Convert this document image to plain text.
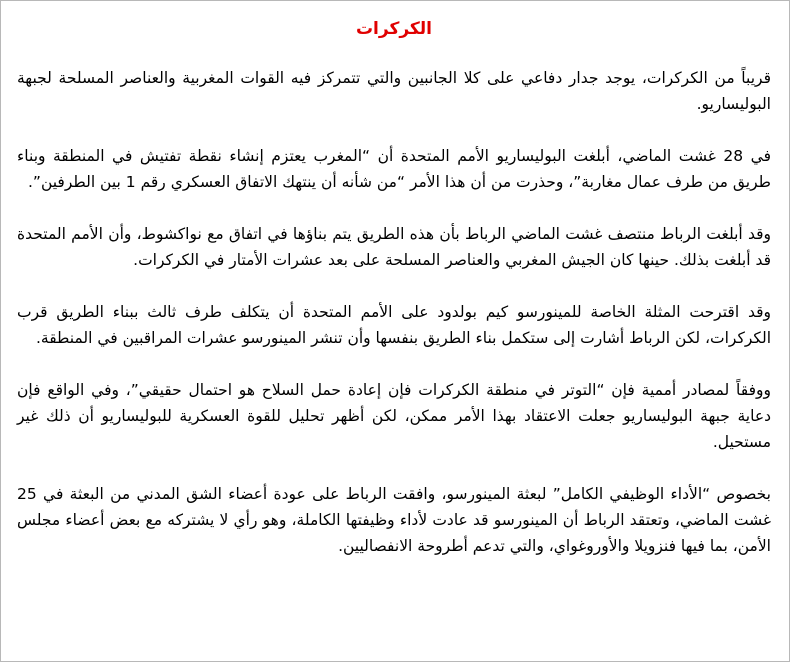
الكركرات

قريباً من الكركرات، يوجد جدار دفاعي على كلا الجانبين والتي تتمركز فيه القوات المغربية والعناصر المسلحة لجبهة البوليساريو.

في 28 غشت الماضي، أبلغت البوليساريو الأمم المتحدة أن “المغرب يعتزم إنشاء نقطة تفتيش في المنطقة وبناء طريق من طرف عمال مغاربة”، وحذرت من أن هذا الأمر “من شأنه أن ينتهك الاتفاق العسكري رقم 1 بين الطرفين”.

وقد أبلغت الرباط منتصف غشت الماضي الرباط بأن هذه الطريق يتم بناؤها في اتفاق مع نواكشوط، وأن الأمم المتحدة قد أبلغت بذلك. حينها كان الجيش المغربي والعناصر المسلحة على بعد عشرات الأمتار في الكركرات.

وقد اقترحت المثلة الخاصة للمينورسو كيم بولدود على الأمم المتحدة أن يتكلف طرف ثالث ببناء الطريق قرب الكركرات، لكن الرباط أشارت إلى ستكمل بناء الطريق بنفسها وأن تنشر المينورسو عشرات المراقبين في المنطقة.

ووفقاً لمصادر أممية فإن “التوتر في منطقة الكركرات فإن إعادة حمل السلاح هو احتمال حقيقي”، وفي الواقع فإن دعاية جبهة البوليساريو جعلت الاعتقاد بهذا الأمر ممكن، لكن أظهر تحليل للقوة العسكرية للبوليساريو أن ذلك غير مستحيل.

بخصوص “الأداء الوظيفي الكامل” لبعثة المينورسو، وافقت الرباط على عودة أعضاء الشق المدني من البعثة في 25 غشت الماضي، وتعتقد الرباط أن المينورسو قد عادت لأداء وظيفتها الكاملة، وهو رأي لا يشتركه مع بعض أعضاء مجلس الأمن، بما فيها فنزويلا والأوروغواي، والتي تدعم أطروحة الانفصاليين.
